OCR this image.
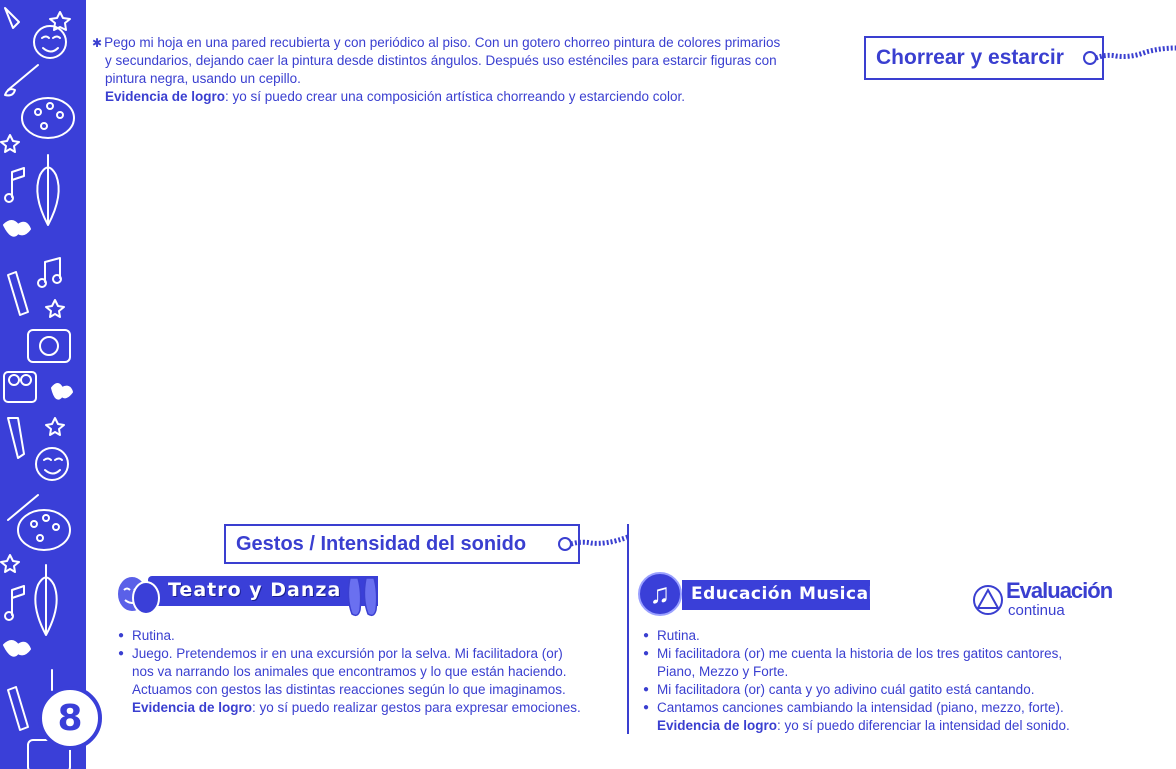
8
✱ Pego mi hoja en una pared recubierta y con periódico al piso. Con un gotero chorreo pintura de colores primarios
y secundarios, dejando caer la pintura desde distintos ángulos. Después uso esténciles para estarcir figuras con
pintura negra, usando un cepillo.
Evidencia de logro: yo sí puedo crear una composición artística chorreando y estarciendo color.
Chorrear y estarcir
Gestos / Intensidad del sonido
Teatro y Danza	♫	Educación Musical	Evaluación
continua
● Rutina.
● Juego. Pretendemos ir en una excursión por la selva. Mi facilitadora (or)
nos va narrando los animales que encontramos y lo que están haciendo.
Actuamos con gestos las distintas reacciones según lo que imaginamos.
Evidencia de logro: yo sí puedo realizar gestos para expresar emociones.
● Rutina.
● Mi facilitadora (or) me cuenta la historia de los tres gatitos cantores,
Piano, Mezzo y Forte.
● Mi facilitadora (or) canta y yo adivino cuál gatito está cantando.
● Cantamos canciones cambiando la intensidad (piano, mezzo, forte).
Evidencia de logro: yo sí puedo diferenciar la intensidad del sonido.
